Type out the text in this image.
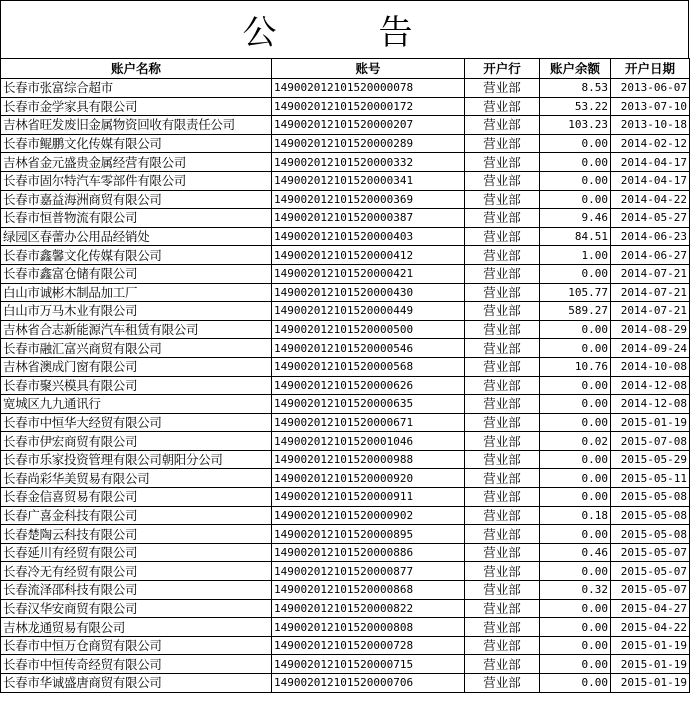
公　告
账户名称	账号	开户行	账户余额	开户日期
长春市张富综合超市	149002012101520000078	营业部	8.53	2013-06-07
长春市金学家具有限公司	149002012101520000172	营业部	53.22	2013-07-10
吉林省旺发废旧金属物资回收有限责任公司	149002012101520000207	营业部	103.23	2013-10-18
长春市鲲鹏文化传媒有限公司	149002012101520000289	营业部	0.00	2014-02-12
吉林省金元盛贵金属经营有限公司	149002012101520000332	营业部	0.00	2014-04-17
长春市固尔特汽车零部件有限公司	149002012101520000341	营业部	0.00	2014-04-17
长春市嘉益海洲商贸有限公司	149002012101520000369	营业部	0.00	2014-04-22
长春市恒普物流有限公司	149002012101520000387	营业部	9.46	2014-05-27
绿园区春蕾办公用品经销处	149002012101520000403	营业部	84.51	2014-06-23
长春市鑫馨文化传媒有限公司	149002012101520000412	营业部	1.00	2014-06-27
长春市鑫富仓储有限公司	149002012101520000421	营业部	0.00	2014-07-21
白山市诚彬木制品加工厂	149002012101520000430	营业部	105.77	2014-07-21
白山市万马木业有限公司	149002012101520000449	营业部	589.27	2014-07-21
吉林省合志新能源汽车租赁有限公司	149002012101520000500	营业部	0.00	2014-08-29
长春市融汇富兴商贸有限公司	149002012101520000546	营业部	0.00	2014-09-24
吉林省澳成门窗有限公司	149002012101520000568	营业部	10.76	2014-10-08
长春市聚兴模具有限公司	149002012101520000626	营业部	0.00	2014-12-08
宽城区九九通讯行	149002012101520000635	营业部	0.00	2014-12-08
长春市中恒华大经贸有限公司	149002012101520000671	营业部	0.00	2015-01-19
长春市伊宏商贸有限公司	149002012101520001046	营业部	0.02	2015-07-08
长春市乐家投资管理有限公司朝阳分公司	149002012101520000988	营业部	0.00	2015-05-29
长春尚彩华美贸易有限公司	149002012101520000920	营业部	0.00	2015-05-11
长春金信喜贸易有限公司	149002012101520000911	营业部	0.00	2015-05-08
长春广喜金科技有限公司	149002012101520000902	营业部	0.18	2015-05-08
长春楚陶云科技有限公司	149002012101520000895	营业部	0.00	2015-05-08
长春延川有经贸有限公司	149002012101520000886	营业部	0.46	2015-05-07
长春冷无有经贸有限公司	149002012101520000877	营业部	0.00	2015-05-07
长春流泽邵科技有限公司	149002012101520000868	营业部	0.32	2015-05-07
长春汉华安商贸有限公司	149002012101520000822	营业部	0.00	2015-04-27
吉林龙通贸易有限公司	149002012101520000808	营业部	0.00	2015-04-22
长春市中恒万仓商贸有限公司	149002012101520000728	营业部	0.00	2015-01-19
长春市中恒传奇经贸有限公司	149002012101520000715	营业部	0.00	2015-01-19
长春市华诚盛唐商贸有限公司	149002012101520000706	营业部	0.00	2015-01-19
